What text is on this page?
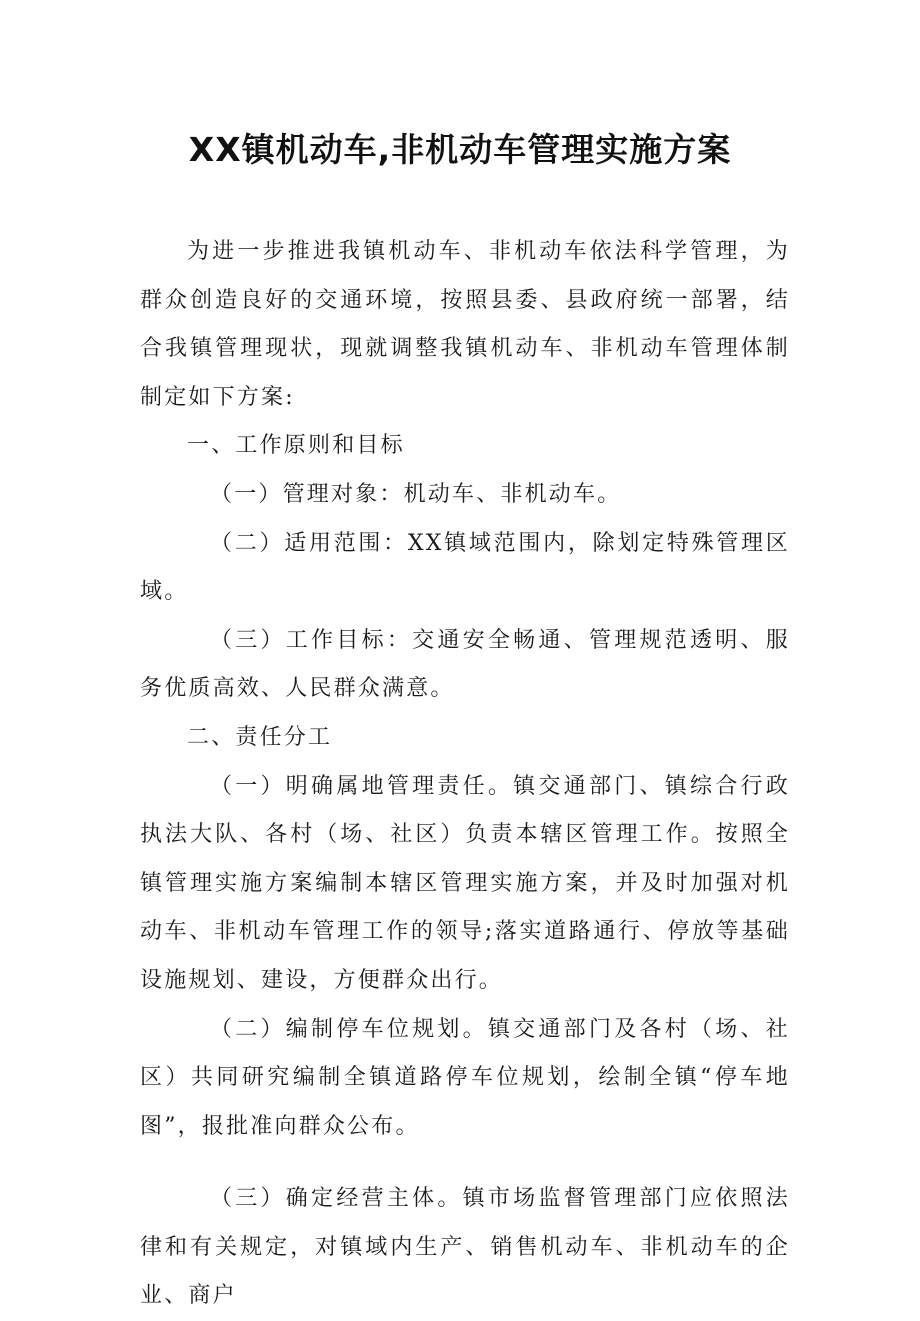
XX镇机动车,非机动车管理实施方案

为进一步推进我镇机动车、非机动车依法科学管理，为群众创造良好的交通环境，按照县委、县政府统一部署，结合我镇管理现状，现就调整我镇机动车、非机动车管理体制制定如下方案:

一、工作原则和目标

（一）管理对象：机动车、非机动车。

（二）适用范围：XX镇域范围内，除划定特殊管理区域。

（三）工作目标：交通安全畅通、管理规范透明、服务优质高效、人民群众满意。

二、责任分工

（一）明确属地管理责任。镇交通部门、镇综合行政执法大队、各村（场、社区）负责本辖区管理工作。按照全镇管理实施方案编制本辖区管理实施方案，并及时加强对机动车、非机动车管理工作的领导;落实道路通行、停放等基础设施规划、建设，方便群众出行。

（二）编制停车位规划。镇交通部门及各村（场、社区）共同研究编制全镇道路停车位规划，绘制全镇“停车地图”，报批准向群众公布。

（三）确定经营主体。镇市场监督管理部门应依照法律和有关规定，对镇域内生产、销售机动车、非机动车的企业、商户
